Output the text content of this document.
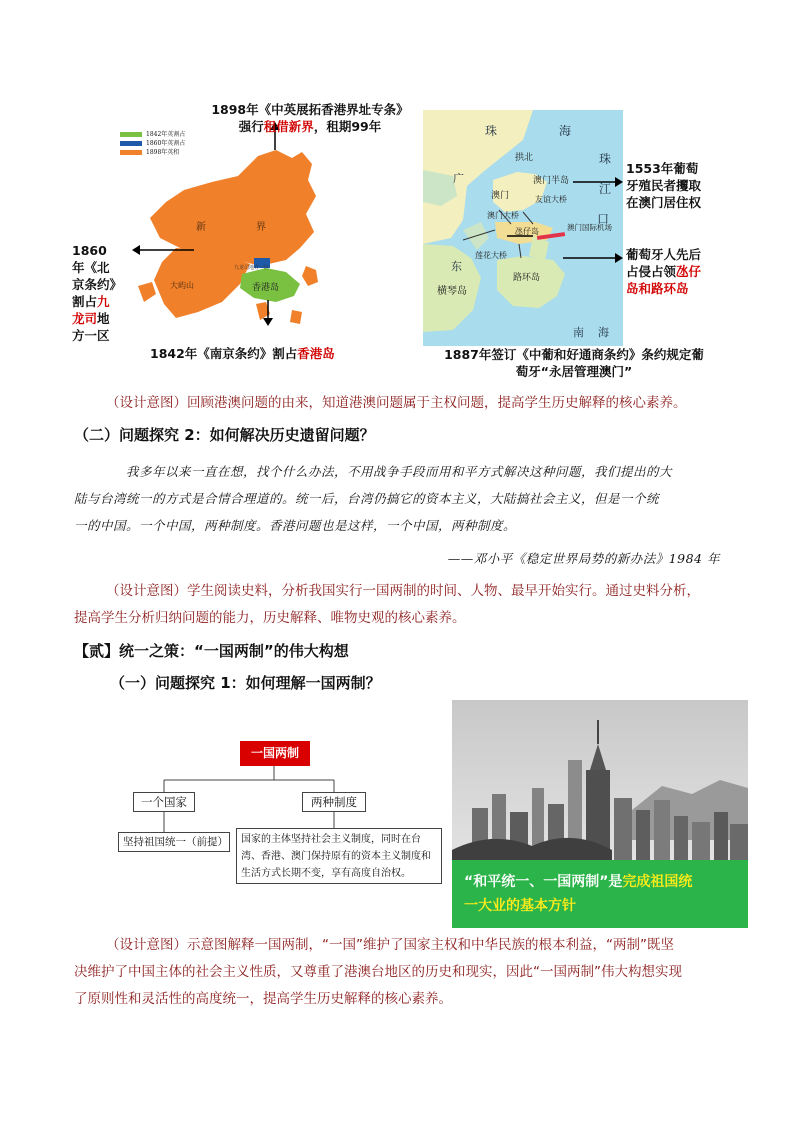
1842年英割占
1860年英割占
1898年英租
新	界
大屿山
九龙司地方一区
香港岛
1898年《中英展拓香港界址专条》
强行租借新界，租期99年
1860
年《北
京条约》
割占九
龙司地
方一区
1842年《南京条约》割占香港岛
珠	海
拱北
澳门半岛
广
澳门	友谊大桥
澳门大桥
氹仔岛	澳门国际机场
东
莲花大桥
路环岛
横琴岛
珠
江
口
南海
1553年葡萄
牙殖民者攫取
在澳门居住权
葡萄牙人先后
占侵占领氹仔
岛和路环岛
1887年签订《中葡和好通商条约》条约规定葡
萄牙“永居管理澳门”
（设计意图）回顾港澳问题的由来，知道港澳问题属于主权问题，提高学生历史解释的核心素养。
（二）问题探究 2：如何解决历史遗留问题？
我多年以来一直在想，找个什么办法，不用战争手段而用和平方式解决这种问题，我们提出的大
陆与台湾统一的方式是合情合理道的。统一后，台湾仍搞它的资本主义，大陆搞社会主义，但是一个统
一的中国。一个中国，两种制度。香港问题也是这样，一个中国，两种制度。
——邓小平《稳定世界局势的新办法》1984 年
（设计意图）学生阅读史料，分析我国实行一国两制的时间、人物、最早开始实行。通过史料分析，
提高学生分析归纳问题的能力，历史解释、唯物史观的核心素养。
【贰】统一之策：“一国两制”的伟大构想
（一）问题探究 1：如何理解一国两制？
一国两制
一个国家	两种制度
坚持祖国统一（前提）	国家的主体坚持社会主义制度，同时在台湾、香港、澳门保持原有的资本主义制度和生活方式长期不变，享有高度自治权。
“和平统一、一国两制”是完成祖国统
一大业的基本方针
（设计意图）示意图解释一国两制，“一国”维护了国家主权和中华民族的根本利益，“两制”既坚
决维护了中国主体的社会主义性质，又尊重了港澳台地区的历史和现实，因此“一国两制”伟大构想实现
了原则性和灵活性的高度统一，提高学生历史解释的核心素养。
